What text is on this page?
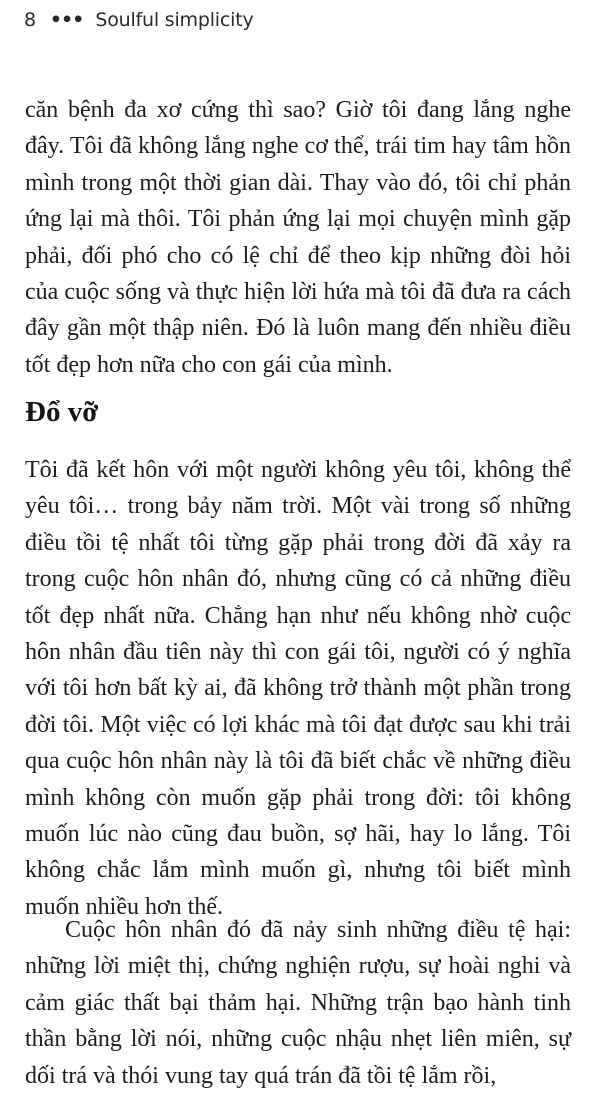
8 ••• Soulful simplicity

căn bệnh đa xơ cứng thì sao? Giờ tôi đang lắng nghe đây. Tôi đã không lắng nghe cơ thể, trái tim hay tâm hồn mình trong một thời gian dài. Thay vào đó, tôi chỉ phản ứng lại mà thôi. Tôi phản ứng lại mọi chuyện mình gặp phải, đối phó cho có lệ chỉ để theo kịp những đòi hỏi của cuộc sống và thực hiện lời hứa mà tôi đã đưa ra cách đây gần một thập niên. Đó là luôn mang đến nhiều điều tốt đẹp hơn nữa cho con gái của mình.

Đổ vỡ

Tôi đã kết hôn với một người không yêu tôi, không thể yêu tôi… trong bảy năm trời. Một vài trong số những điều tồi tệ nhất tôi từng gặp phải trong đời đã xảy ra trong cuộc hôn nhân đó, nhưng cũng có cả những điều tốt đẹp nhất nữa. Chẳng hạn như nếu không nhờ cuộc hôn nhân đầu tiên này thì con gái tôi, người có ý nghĩa với tôi hơn bất kỳ ai, đã không trở thành một phần trong đời tôi. Một việc có lợi khác mà tôi đạt được sau khi trải qua cuộc hôn nhân này là tôi đã biết chắc về những điều mình không còn muốn gặp phải trong đời: tôi không muốn lúc nào cũng đau buồn, sợ hãi, hay lo lắng. Tôi không chắc lắm mình muốn gì, nhưng tôi biết mình muốn nhiều hơn thế.

Cuộc hôn nhân đó đã nảy sinh những điều tệ hại: những lời miệt thị, chứng nghiện rượu, sự hoài nghi và cảm giác thất bại thảm hại. Những trận bạo hành tinh thần bằng lời nói, những cuộc nhậu nhẹt liên miên, sự dối trá và thói vung tay quá trán đã tồi tệ lắm rồi,
